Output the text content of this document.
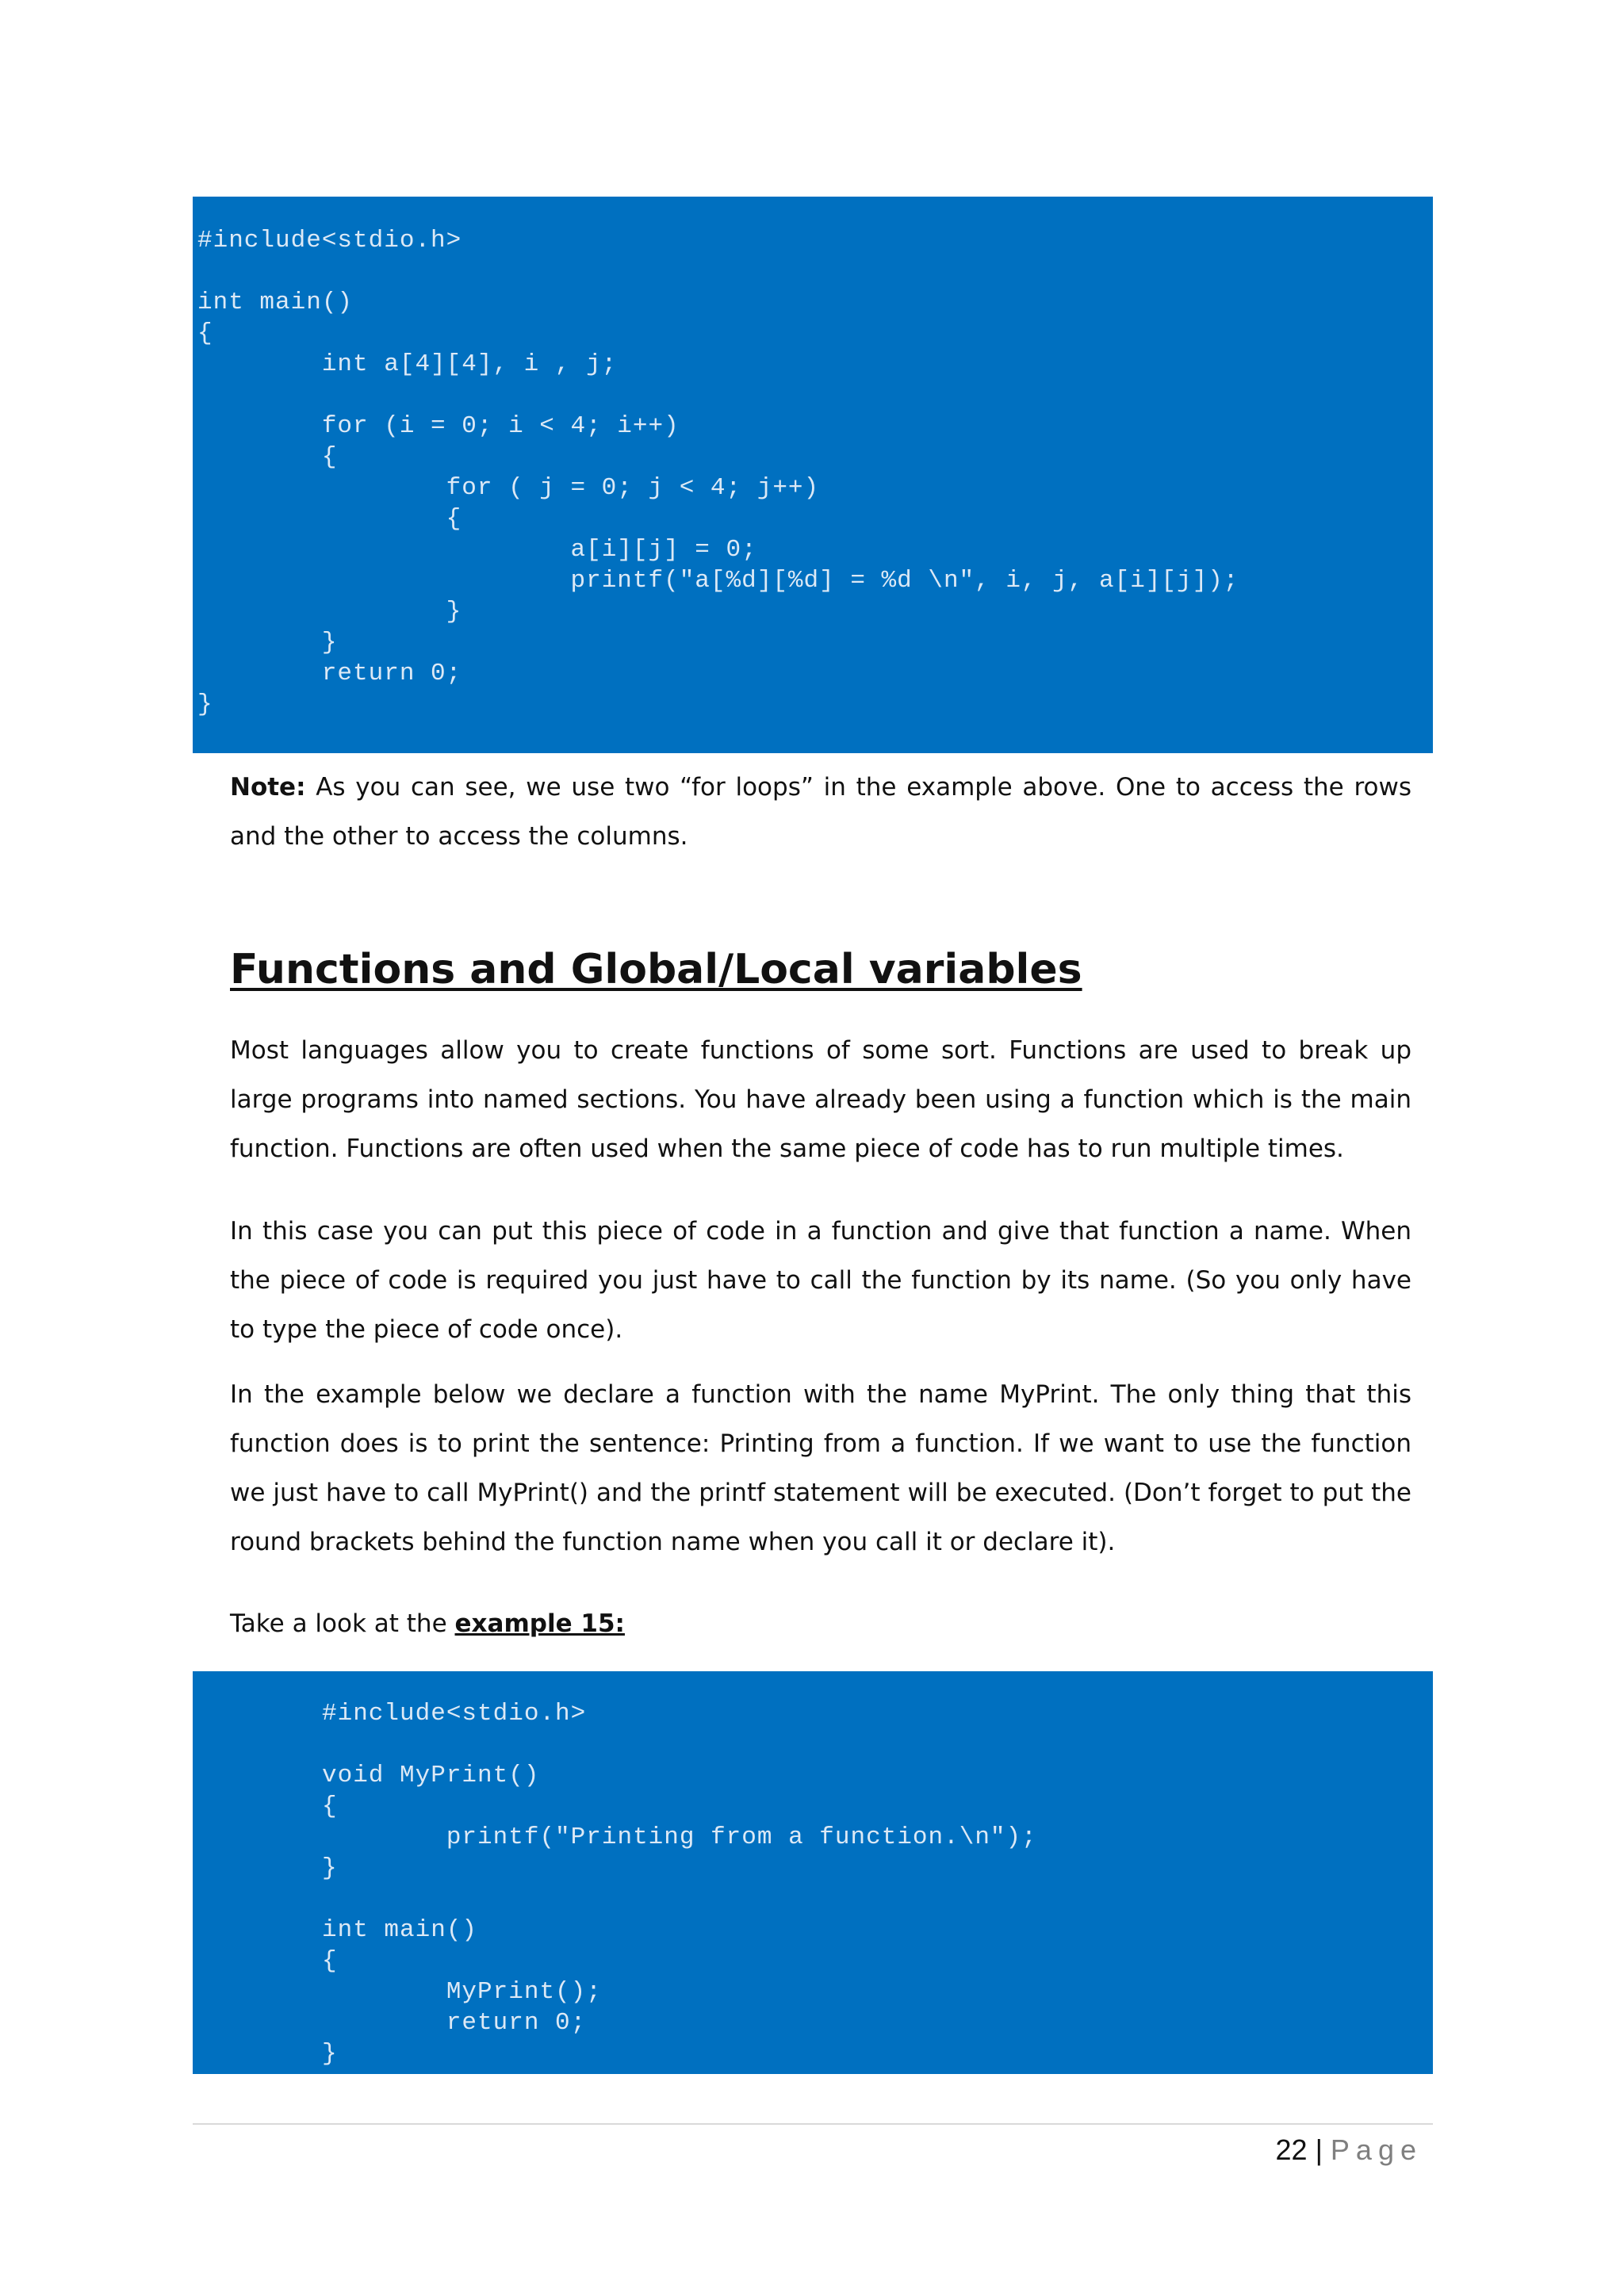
#include<stdio.h>

int main()
{
	int a[4][4], i , j;

	for (i = 0; i < 4; i++)
	{
		for ( j = 0; j < 4; j++)
		{
			a[i][j] = 0;
			printf("a[%d][%d] = %d \n", i, j, a[i][j]);
		}
	}
	return 0;
}

Note: As you can see, we use two “for loops” in the example above. One to access the rows and the other to access the columns.

Functions and Global/Local variables

Most languages allow you to create functions of some sort. Functions are used to break up large programs into named sections. You have already been using a function which is the main function. Functions are often used when the same piece of code has to run multiple times.

In this case you can put this piece of code in a function and give that function a name. When the piece of code is required you just have to call the function by its name. (So you only have to type the piece of code once).

In the example below we declare a function with the name MyPrint. The only thing that this function does is to print the sentence: Printing from a function. If we want to use the function we just have to call MyPrint() and the printf statement will be executed. (Don’t forget to put the round brackets behind the function name when you call it or declare it).

Take a look at the example 15:

#include<stdio.h>

void MyPrint()
{
	printf("Printing from a function.\n");
}

int main()
{
	MyPrint();
	return 0;
}
22 | Page
